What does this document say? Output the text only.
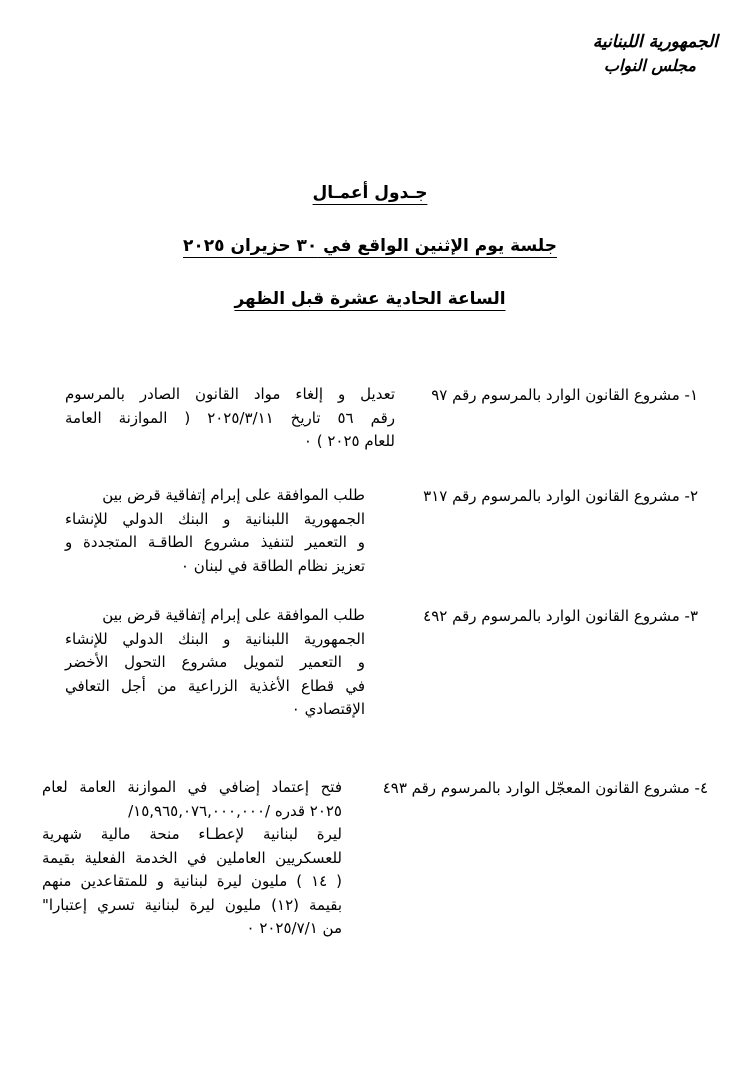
الجمهورية اللبنانية
مجلس النواب
جـدول أعمـال
جلسة يوم الإثنين الواقع في ٣٠ حزيران ٢٠٢٥
الساعة الحادية عشرة قبل الظهر
١- مشروع القانون الوارد بالمرسوم رقم ٩٧
تعديل و إلغاء مواد القانون الصادر بالمرسوم
رقم ٥٦ تاريخ ٢٠٢٥/٣/١١ ( الموازنة العامة
للعام ٢٠٢٥ ) ٠
٢- مشروع القانون الوارد بالمرسوم رقم ٣١٧
طلب الموافقة على إبرام إتفاقية قرض بين
الجمهورية اللبنانية و البنك الدولي للإنشاء
و التعمير لتنفيذ مشروع الطاقـة المتجددة و
تعزيز نظام الطاقة في لبنان ٠
٣- مشروع القانون الوارد بالمرسوم رقم ٤٩٢
طلب الموافقة على إبرام إتفاقية قرض بين
الجمهورية اللبنانية و البنك الدولي للإنشاء
و التعمير لتمويل مشروع التحول الأخضر
في قطاع الأغذية الزراعية من أجل التعافي
الإقتصادي ٠
٤- مشروع القانون المعجّل الوارد بالمرسوم رقم ٤٩٣
فتح إعتماد إضافي في الموازنة العامة لعام
٢٠٢٥ قدره /١٥,٩٦٥,٠٧٦,٠٠٠,٠٠٠/
ليرة لبنانية لإعطـاء منحة مالية شهرية
للعسكريين العاملين في الخدمة الفعلية بقيمة
( ١٤ ) مليون ليرة لبنانية و للمتقاعدين منهم
بقيمة (١٢) مليون ليرة لبنانية تسري إعتبارا"
من ٢٠٢٥/٧/١ ٠
